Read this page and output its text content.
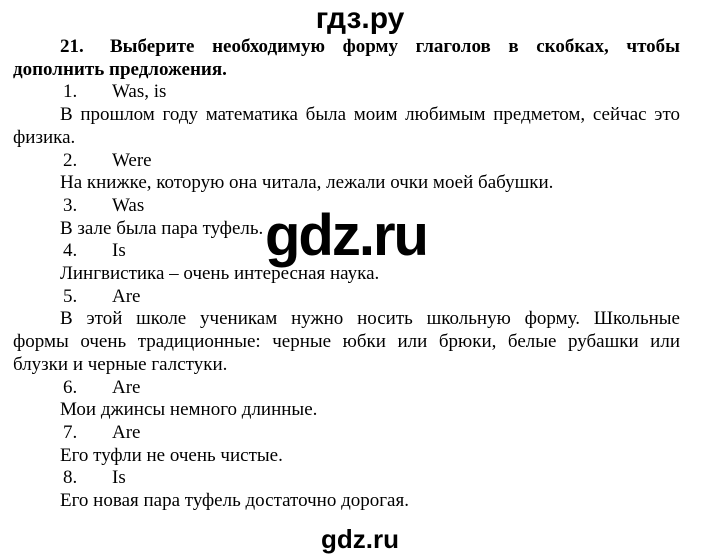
гдз.ру
21. Выберите необходимую форму глаголов в скобках, чтобы
дополнить предложения.
1. Was, is
В прошлом году математика была моим любимым предметом, сейчас это
физика.
2. Were
На книжке, которую она читала, лежали очки моей бабушки.
3. Was
В зале была пара туфель.
4. Is
Лингвистика – очень интересная наука.
5. Are
В этой школе ученикам нужно носить школьную форму. Школьные
формы очень традиционные: черные юбки или брюки, белые рубашки или
блузки и черные галстуки.
6. Are
Мои джинсы немного длинные.
7. Are
Его туфли не очень чистые.
8. Is
Его новая пара туфель достаточно дорогая.
gdz.ru
gdz.ru
